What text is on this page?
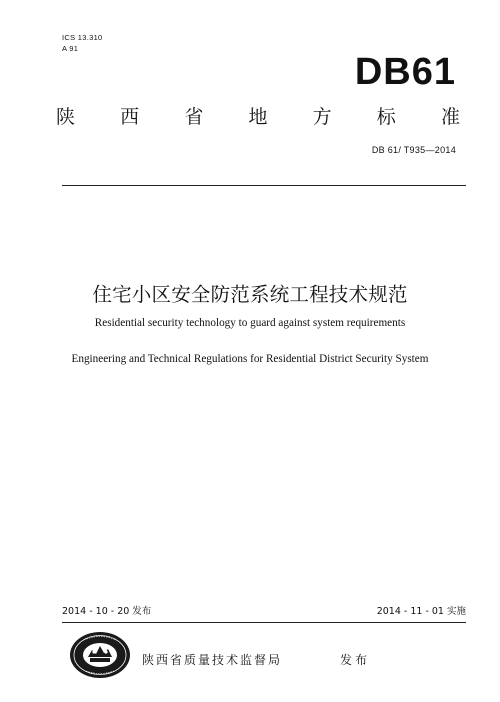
ICS 13.310
A 91
DB61
陕 西 省 地 方 标 准
DB 61/ T935—2014
住宅小区安全防范系统工程技术规范
Residential security technology to guard against system requirements
Engineering and Technical Regulations for Residential District Security System
2014 - 10 - 20 发布	2014 - 11 - 01 实施
陕西省质量技术监督局	发布
